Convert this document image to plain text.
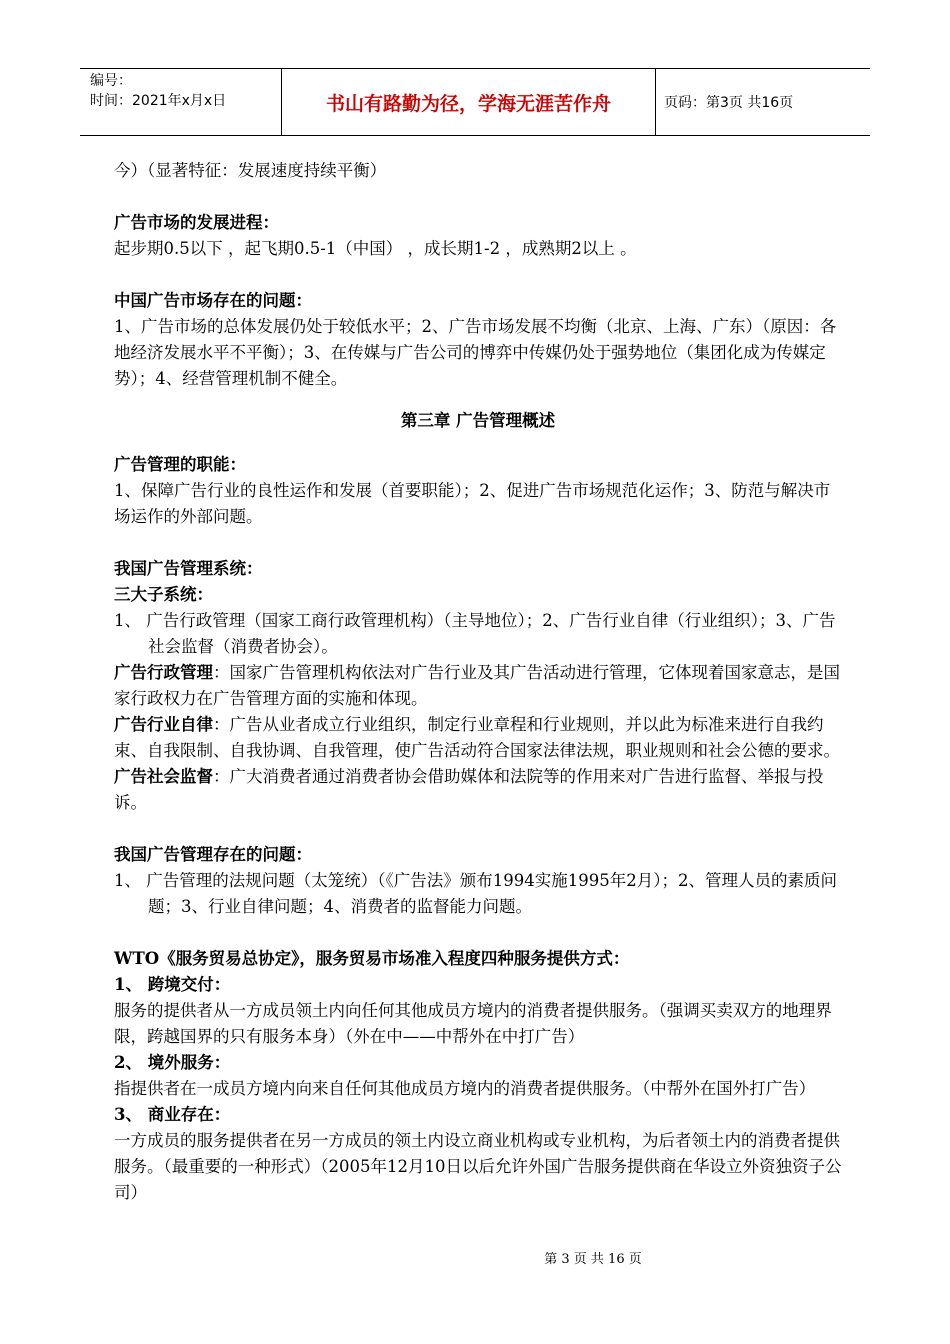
编号：
时间：2021年x月x日	书山有路勤为径，学海无涯苦作舟	页码：第3页 共16页

今）（显著特征：发展速度持续平衡）

广告市场的发展进程：

起步期0.5以下 ，起飞期0.5-1（中国） ，成长期1-2 ，成熟期2以上 。

中国广告市场存在的问题：

1、广告市场的总体发展仍处于较低水平；2、广告市场发展不均衡（北京、上海、广东）（原因：各地经济发展水平不平衡）；3、在传媒与广告公司的博弈中传媒仍处于强势地位（集团化成为传媒定势）；4、经营管理机制不健全。

第三章 广告管理概述

广告管理的职能：

1、保障广告行业的良性运作和发展（首要职能）；2、促进广告市场规范化运作；3、防范与解决市场运作的外部问题。

我国广告管理系统：

三大子系统：

1、 广告行政管理（国家工商行政管理机构）（主导地位）；2、广告行业自律（行业组织）；3、广告社会监督（消费者协会）。

广告行政管理：国家广告管理机构依法对广告行业及其广告活动进行管理，它体现着国家意志，是国家行政权力在广告管理方面的实施和体现。

广告行业自律：广告从业者成立行业组织，制定行业章程和行业规则，并以此为标准来进行自我约束、自我限制、自我协调、自我管理，使广告活动符合国家法律法规，职业规则和社会公德的要求。

广告社会监督：广大消费者通过消费者协会借助媒体和法院等的作用来对广告进行监督、举报与投诉。

我国广告管理存在的问题：

1、 广告管理的法规问题（太笼统）（《广告法》颁布1994实施1995年2月）；2、管理人员的素质问题；3、行业自律问题；4、消费者的监督能力问题。

WTO《服务贸易总协定》，服务贸易市场准入程度四种服务提供方式：

1、 跨境交付：

服务的提供者从一方成员领土内向任何其他成员方境内的消费者提供服务。（强调买卖双方的地理界限，跨越国界的只有服务本身）（外在中——中帮外在中打广告）

2、 境外服务：

指提供者在一成员方境内向来自任何其他成员方境内的消费者提供服务。（中帮外在国外打广告）

3、 商业存在：

一方成员的服务提供者在另一方成员的领土内设立商业机构或专业机构，为后者领土内的消费者提供服务。（最重要的一种形式）（2005年12月10日以后允许外国广告服务提供商在华设立外资独资子公司）

第 3 页 共 16 页
